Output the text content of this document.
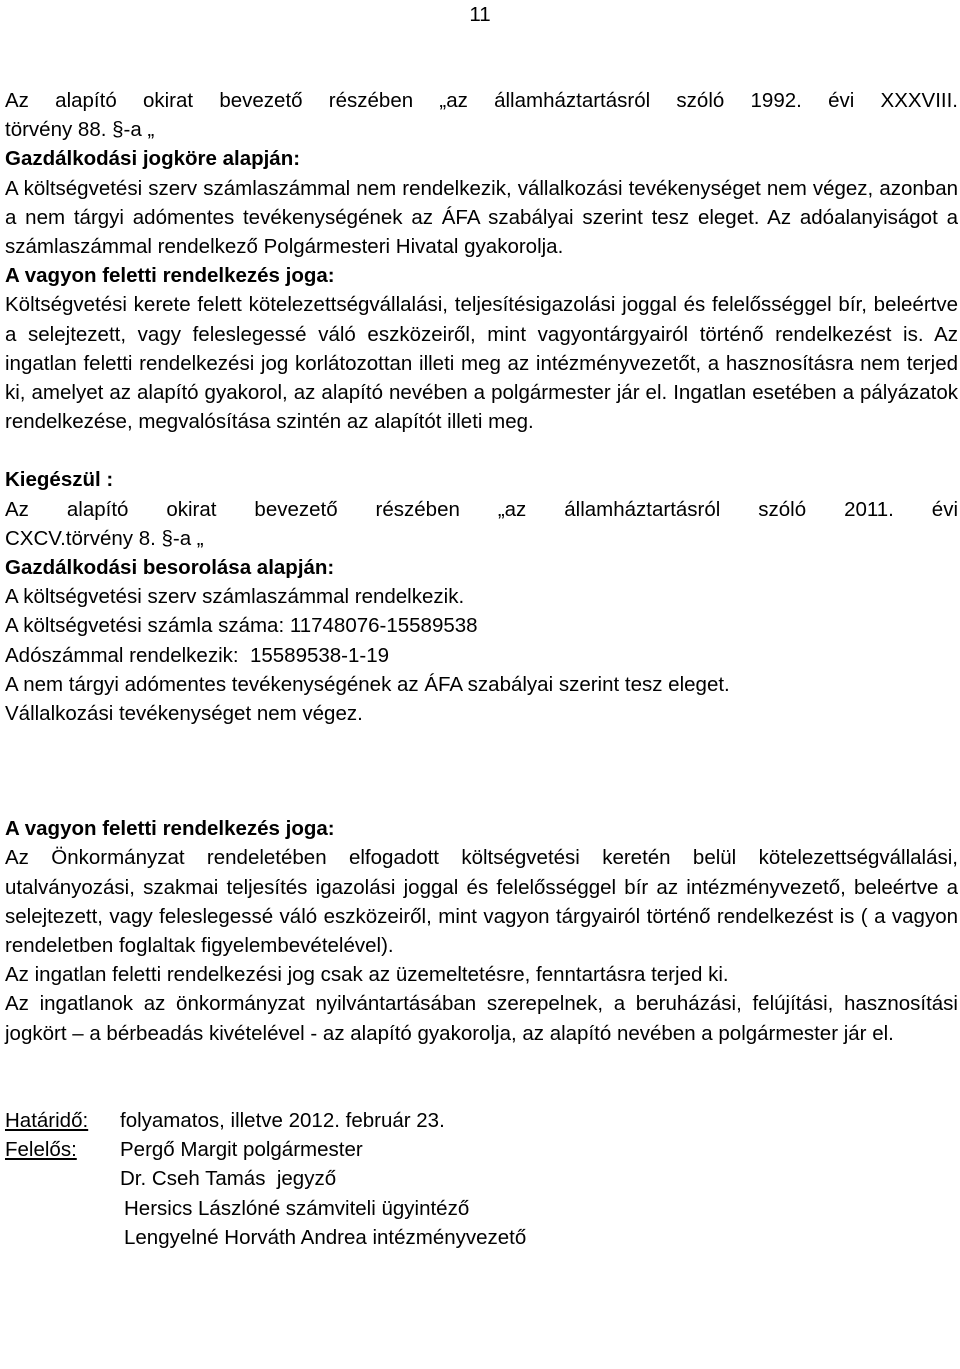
11

Az alapító okirat bevezető részében „az államháztartásról szóló 1992. évi XXXVIII.

törvény 88. §-a „

Gazdálkodási jogköre alapján:

A költségvetési szerv számlaszámmal nem rendelkezik, vállalkozási tevékenységet nem végez, azonban a nem tárgyi adómentes tevékenységének az ÁFA szabályai szerint tesz eleget. Az adóalanyiságot a számlaszámmal rendelkező Polgármesteri Hivatal gyakorolja.

A vagyon feletti rendelkezés joga:

Költségvetési kerete felett kötelezettségvállalási, teljesítésigazolási joggal és felelősséggel bír, beleértve a selejtezett, vagy feleslegessé váló eszközeiről, mint vagyontárgyairól történő rendelkezést is. Az ingatlan feletti rendelkezési jog korlátozottan illeti meg az intézményvezetőt, a hasznosításra nem terjed ki, amelyet az alapító gyakorol, az alapító nevében a polgármester jár el. Ingatlan esetében a pályázatok rendelkezése, megvalósítása szintén az alapítót illeti meg.

Kiegészül :

Az alapító okirat bevezető részében „az államháztartásról szóló 2011. évi

CXCV.törvény 8. §-a „

Gazdálkodási besorolása alapján:

A költségvetési szerv számlaszámmal rendelkezik.

A költségvetési számla száma: 11748076-15589538

Adószámmal rendelkezik:  15589538-1-19

A nem tárgyi adómentes tevékenységének az ÁFA szabályai szerint tesz eleget.

Vállalkozási tevékenységet nem végez.

A vagyon feletti rendelkezés joga:

Az Önkormányzat rendeletében elfogadott költségvetési keretén belül kötelezettségvállalási, utalványozási, szakmai teljesítés igazolási joggal és felelősséggel bír az intézményvezető, beleértve a selejtezett, vagy feleslegessé váló eszközeiről, mint vagyon tárgyairól történő rendelkezést is ( a vagyon rendeletben foglaltak figyelembevételével).

Az ingatlan feletti rendelkezési jog csak az üzemeltetésre, fenntartásra terjed ki.

Az ingatlanok az önkormányzat nyilvántartásában szerepelnek, a beruházási, felújítási, hasznosítási jogkört – a bérbeadás kivételével - az alapító gyakorolja, az alapító nevében a polgármester jár el.

Határidő:	folyamatos, illetve 2012. február 23.
Felelős:	Pergő Margit polgármester

Dr. Cseh Tamás  jegyző

Hersics Lászlóné számviteli ügyintéző

Lengyelné Horváth Andrea intézményvezető
